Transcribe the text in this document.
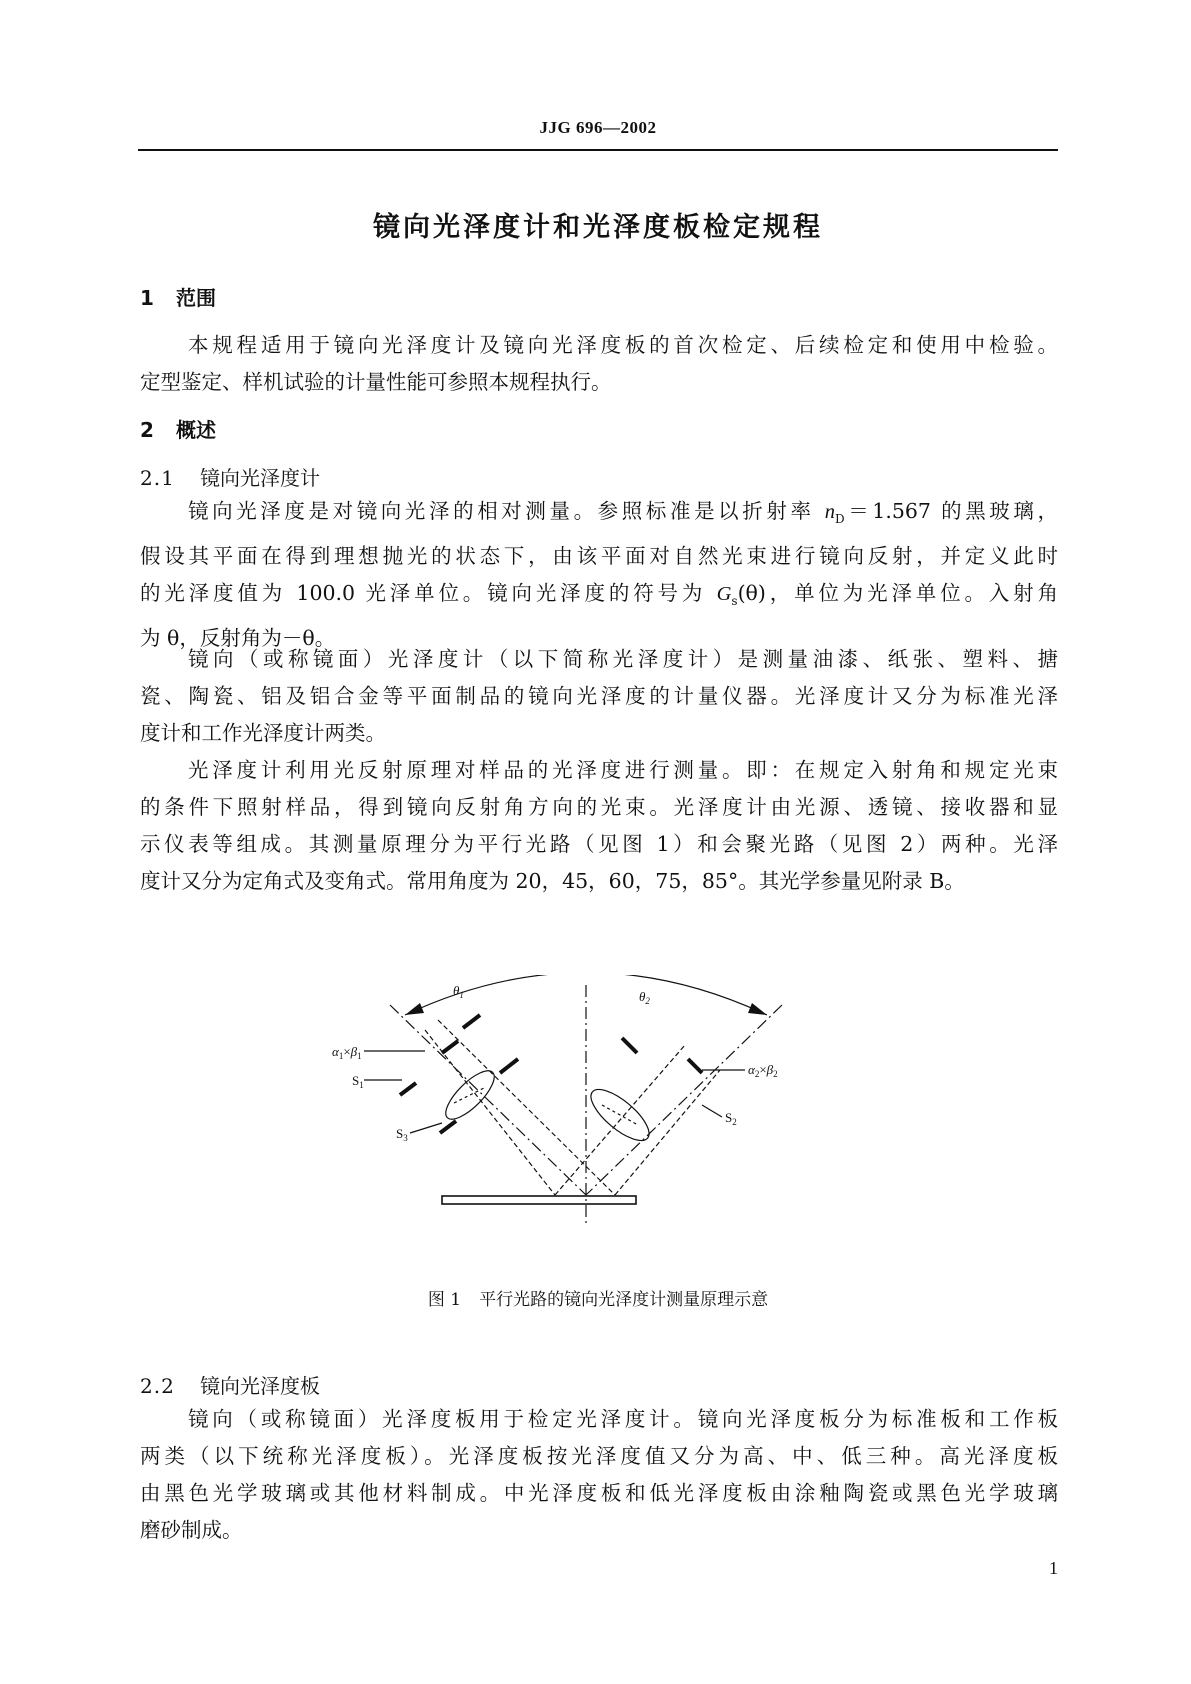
JJG 696—2002
镜向光泽度计和光泽度板检定规程
1 范围
本规程适用于镜向光泽度计及镜向光泽度板的首次检定、后续检定和使用中检验。
定型鉴定、样机试验的计量性能可参照本规程执行。
2 概述
2.1 镜向光泽度计
镜向光泽度是对镜向光泽的相对测量。参照标准是以折射率 $n_D=1.567$ 的黑玻璃，
假设其平面在得到理想抛光的状态下，由该平面对自然光束进行镜向反射，并定义此时
的光泽度值为 100.0 光泽单位。镜向光泽度的符号为 $G_s(\theta)$，单位为光泽单位。入射角
为 θ，反射角为－θ。
镜向（或称镜面）光泽度计（以下简称光泽度计）是测量油漆、纸张、塑料、搪
瓷、陶瓷、铝及铝合金等平面制品的镜向光泽度的计量仪器。光泽度计又分为标准光泽
度计和工作光泽度计两类。
光泽度计利用光反射原理对样品的光泽度进行测量。即：在规定入射角和规定光束
的条件下照射样品，得到镜向反射角方向的光束。光泽度计由光源、透镜、接收器和显
示仪表等组成。其测量原理分为平行光路（见图 1）和会聚光路（见图 2）两种。光泽
度计又分为定角式及变角式。常用角度为 20，45，60，75，85°。其光学参量见附录 B。
$\theta_1$	$\theta_2$
$\alpha_1\times\beta_1$
$S_1$
$S_3$
$\alpha_2\times\beta_2$
$S_2$
图 1 平行光路的镜向光泽度计测量原理示意
2.2 镜向光泽度板
镜向（或称镜面）光泽度板用于检定光泽度计。镜向光泽度板分为标准板和工作板
两类（以下统称光泽度板）。光泽度板按光泽度值又分为高、中、低三种。高光泽度板
由黑色光学玻璃或其他材料制成。中光泽度板和低光泽度板由涂釉陶瓷或黑色光学玻璃
磨砂制成。
1
